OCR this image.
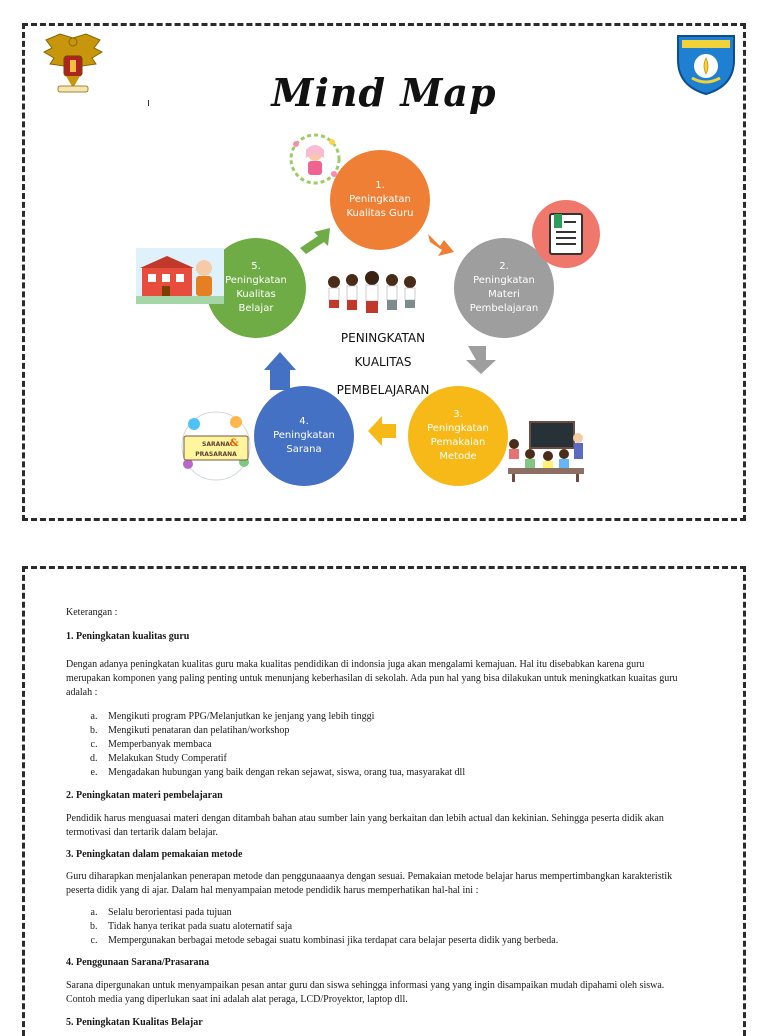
Mind Map
1.
Peningkatan
Kualitas Guru
2.
Peningkatan
Materi
Pembelajaran
3.
Peningkatan
Pemakaian
Metode
4.
Peningkatan
Sarana
5.
Peningkatan
Kualitas
Belajar
PENINGKATAN
KUALITAS
PEMBELAJARAN
SARANA &
PRASARANA

Keterangan :

1. Peningkatan kualitas guru

Dengan adanya peningkatan kualitas guru maka kualitas pendidikan di indonsia juga akan mengalami kemajuan. Hal itu disebabkan karena guru merupakan komponen yang paling penting untuk menunjang keberhasilan di sekolah. Ada pun hal yang bisa dilakukan untuk meningkatkan kuaitas guru adalah :

a. Mengikuti program PPG/Melanjutkan ke jenjang yang lebih tinggi
b. Mengikuti penataran dan pelatihan/workshop
c. Memperbanyak membaca
d. Melakukan Study Comperatif
e. Mengadakan hubungan yang baik dengan rekan sejawat, siswa, orang tua, masyarakat dll
2. Peningkatan materi pembelajaran

Pendidik harus menguasai materi dengan ditambah bahan atau sumber lain yang berkaitan dan lebih actual dan kekinian. Sehingga peserta didik akan termotivasi dan tertarik dalam belajar.

3. Peningkatan dalam pemakaian metode

Guru diharapkan menjalankan penerapan metode dan penggunaaanya dengan sesuai. Pemakaian metode belajar harus mempertimbangkan karakteristik peserta didik yang di ajar. Dalam hal menyampaian metode pendidik harus memperhatikan hal-hal ini :

a. Selalu berorientasi pada tujuan
b. Tidak hanya terikat pada suatu aloternatif saja
c. Mempergunakan berbagai metode sebagai suatu kombinasi jika terdapat cara belajar peserta didik yang berbeda.
4. Penggunaan Sarana/Prasarana

Sarana dipergunakan untuk menyampaikan pesan antar guru dan siswa sehingga informasi yang yang ingin disampaikan mudah dipahami oleh siswa. Contoh media yang diperlukan saat ini adalah alat peraga, LCD/Proyektor, laptop dll.

5. Peningkatan Kualitas Belajar
